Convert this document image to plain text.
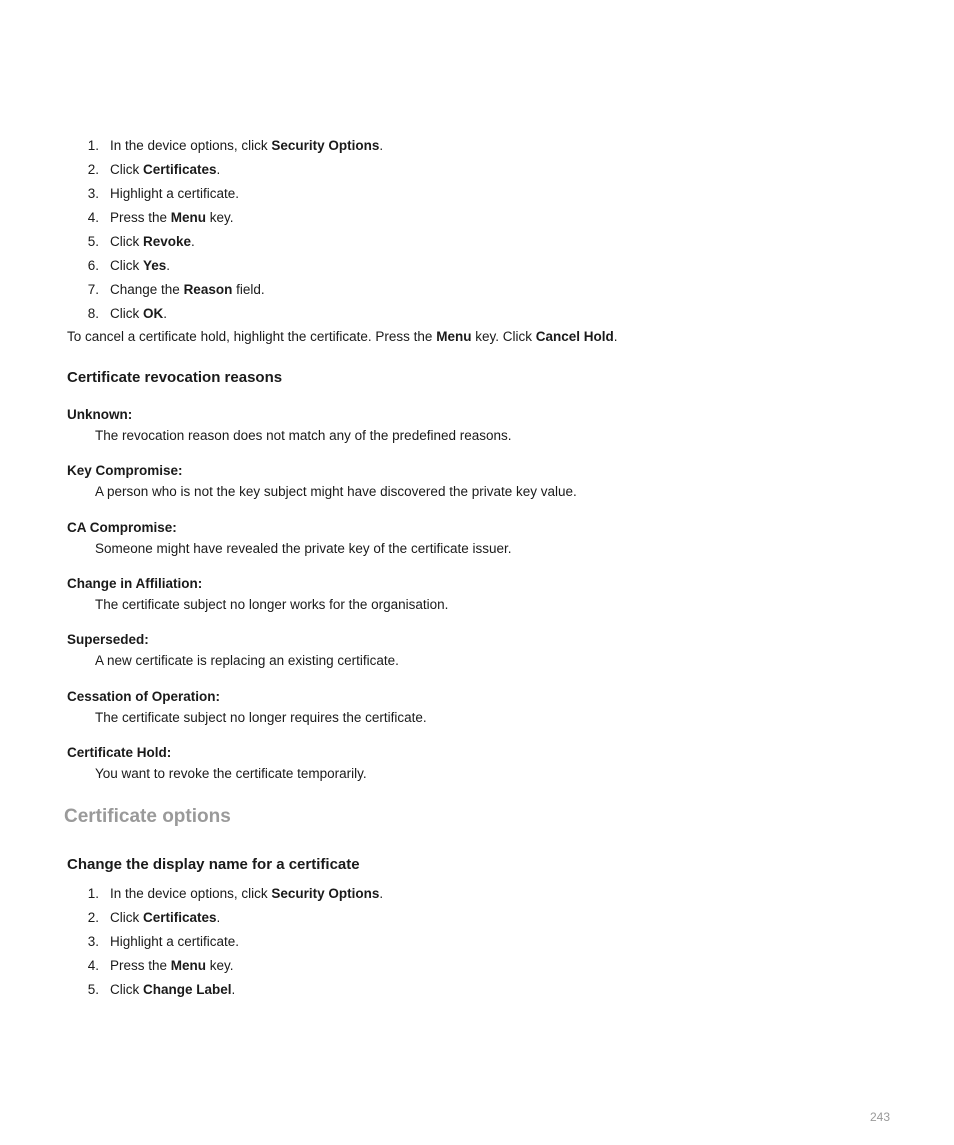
1. In the device options, click Security Options.
2. Click Certificates.
3. Highlight a certificate.
4. Press the Menu key.
5. Click Revoke.
6. Click Yes.
7. Change the Reason field.
8. Click OK.
To cancel a certificate hold, highlight the certificate. Press the Menu key. Click Cancel Hold.
Certificate revocation reasons
Unknown:
The revocation reason does not match any of the predefined reasons.
Key Compromise:
A person who is not the key subject might have discovered the private key value.
CA Compromise:
Someone might have revealed the private key of the certificate issuer.
Change in Affiliation:
The certificate subject no longer works for the organisation.
Superseded:
A new certificate is replacing an existing certificate.
Cessation of Operation:
The certificate subject no longer requires the certificate.
Certificate Hold:
You want to revoke the certificate temporarily.
Certificate options
Change the display name for a certificate
1. In the device options, click Security Options.
2. Click Certificates.
3. Highlight a certificate.
4. Press the Menu key.
5. Click Change Label.
243
